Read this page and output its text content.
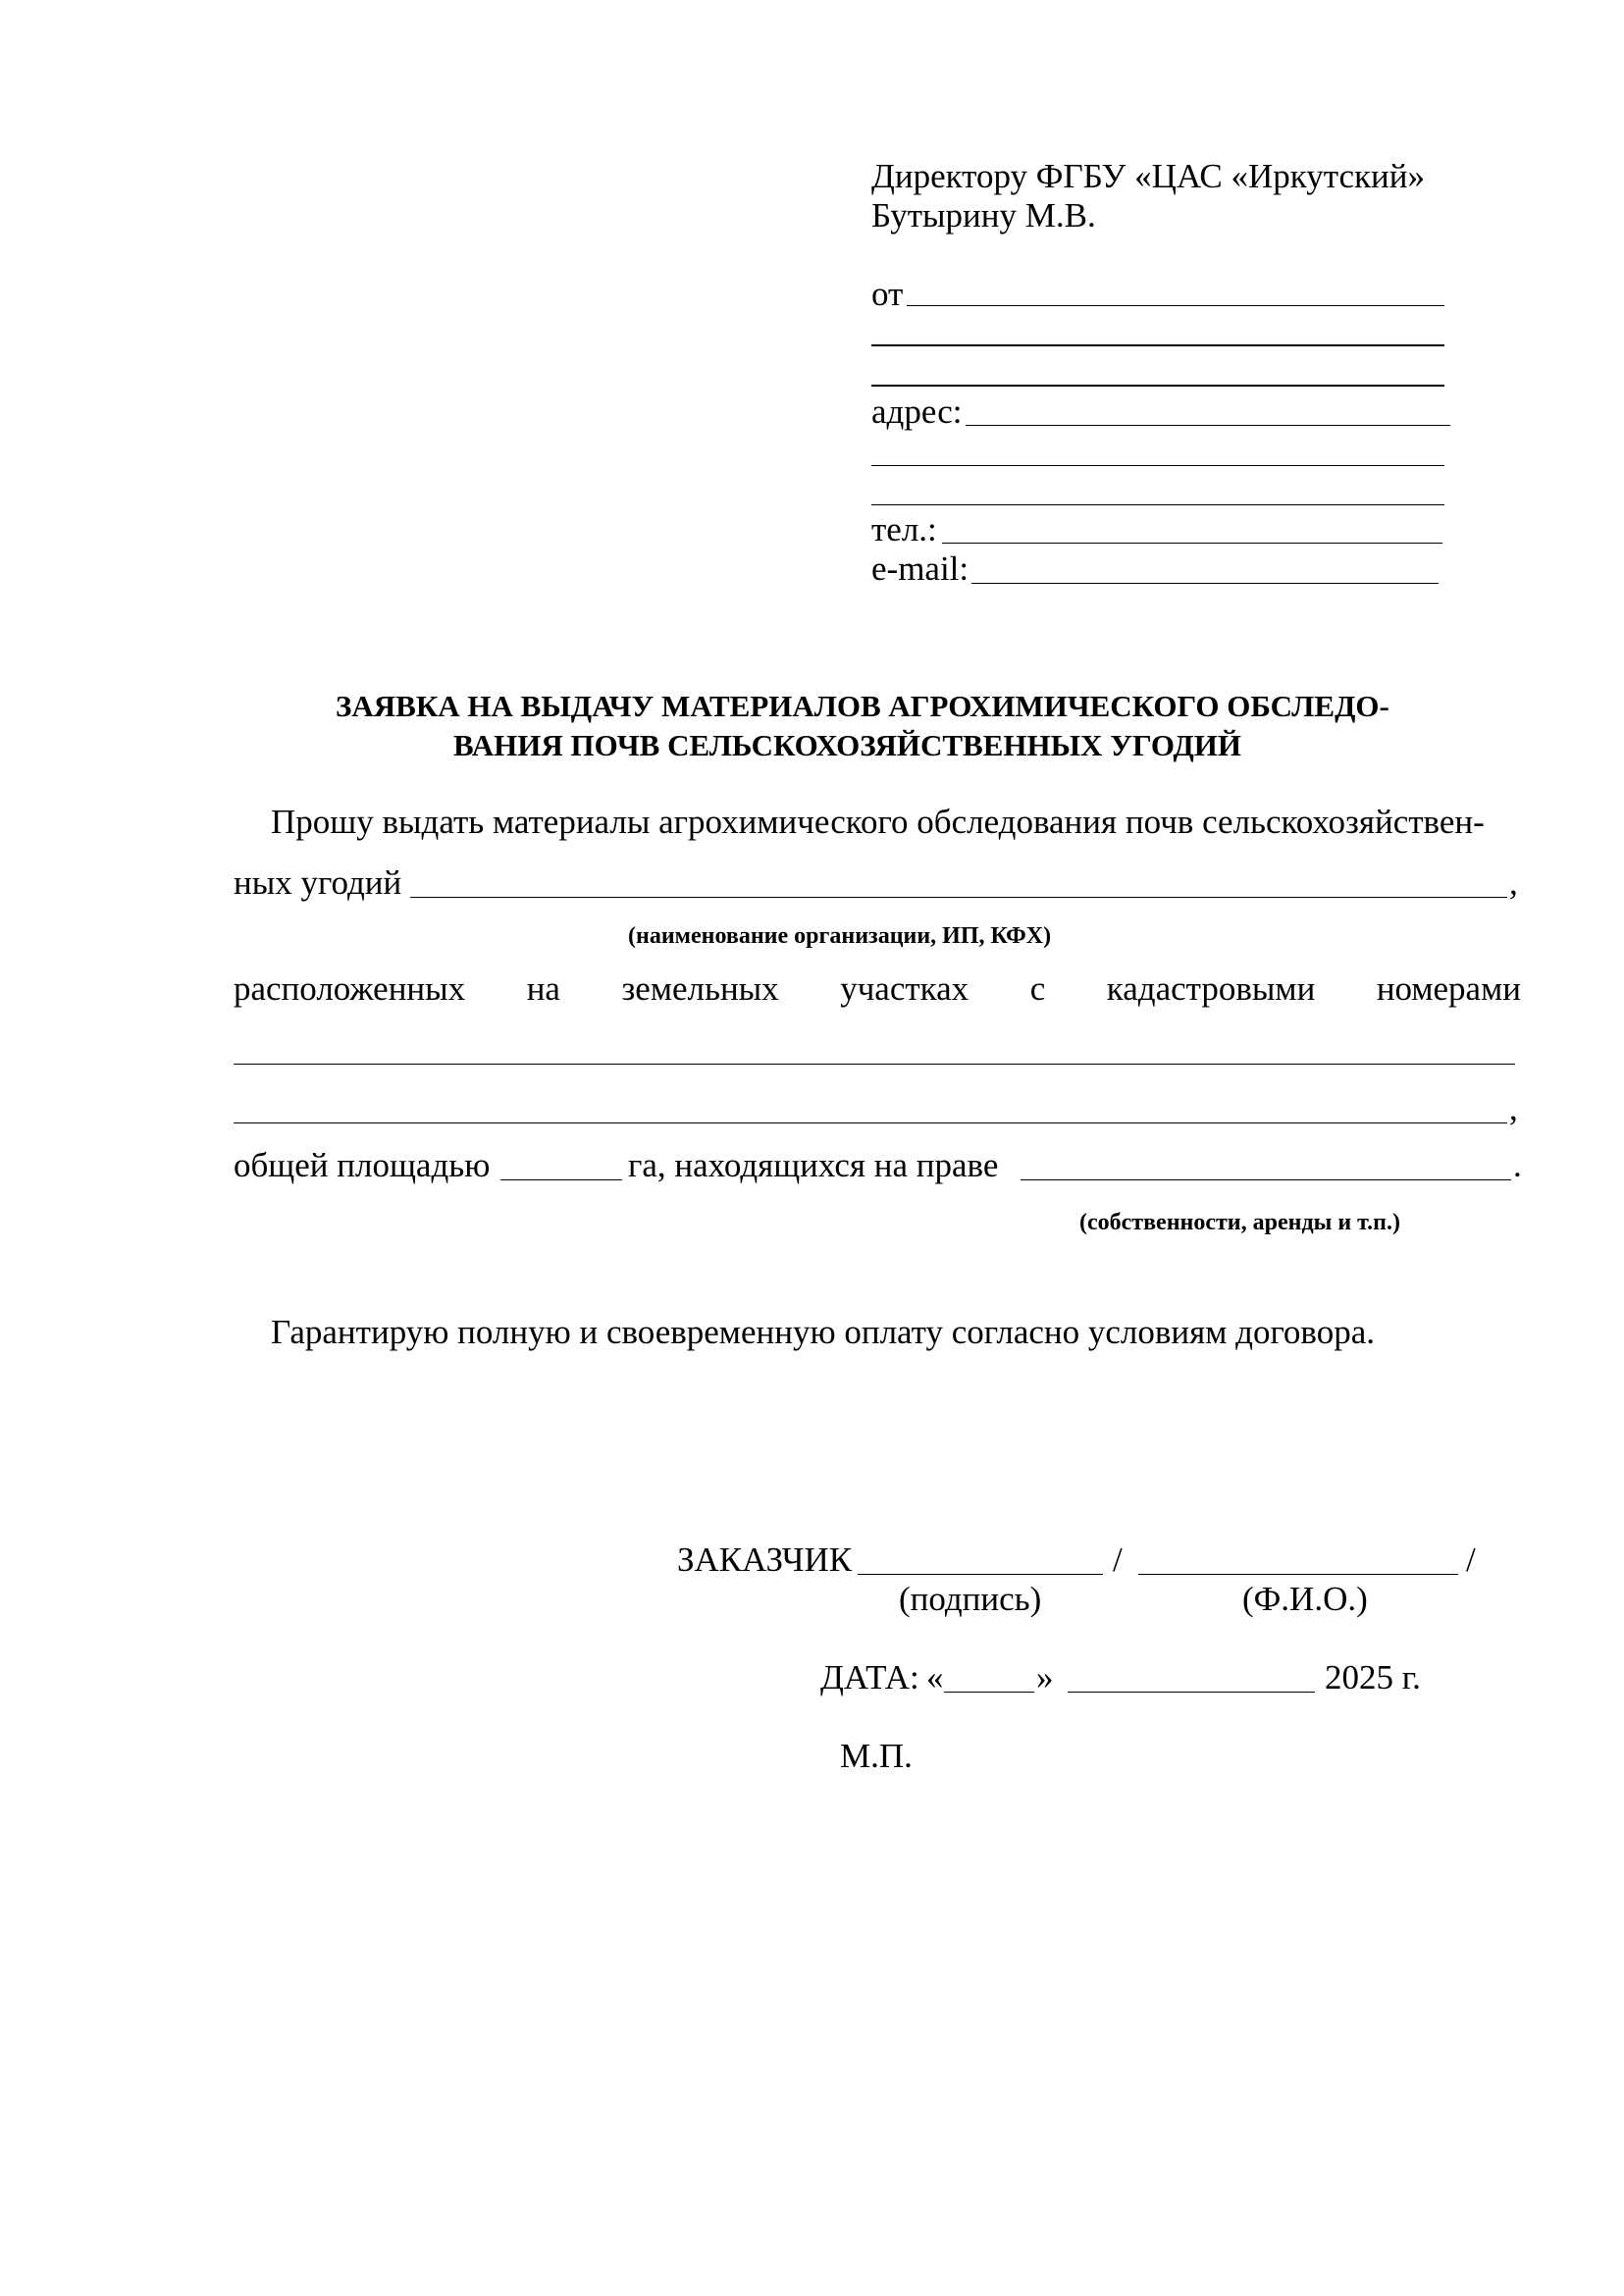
Директору ФГБУ «ЦАС «Иркутский»
Бутырину М.В.
от
адрес:
тел.:
e-mail:
ЗАЯВКА НА ВЫДАЧУ МАТЕРИАЛОВ АГРОХИМИЧЕСКОГО ОБСЛЕДО-
ВАНИЯ ПОЧВ СЕЛЬСКОХОЗЯЙСТВЕННЫХ УГОДИЙ
Прошу выдать материалы агрохимического обследования почв сельскохозяйствен-
ных угодий	,
(наименование организации, ИП, КФХ)
расположенных на земельных участках с кадастровыми номерами
,
общей площадью	га, находящихся на праве	.
(собственности, аренды и т.п.)
Гарантирую полную и своевременную оплату согласно условиям договора.
ЗАКАЗЧИК	/	/
(подпись)	(Ф.И.О.)
ДАТА: «	»	2025 г.
М.П.
